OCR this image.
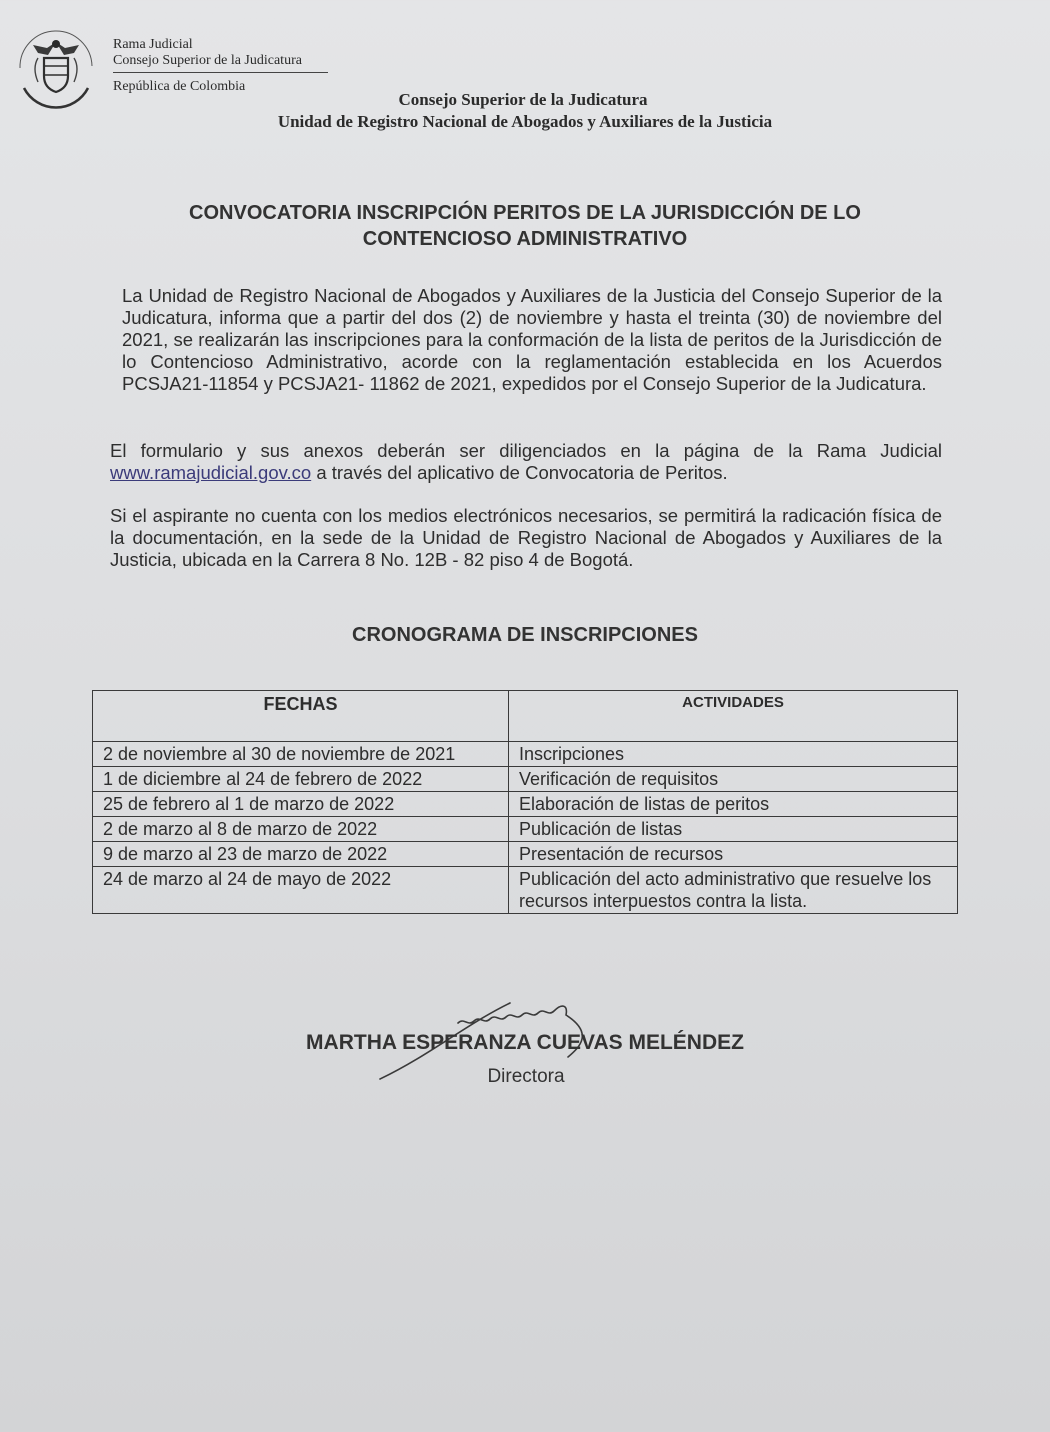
Rama Judicial
Consejo Superior de la Judicatura
República de Colombia
Consejo Superior de la Judicatura
Unidad de Registro Nacional de Abogados y Auxiliares de la Justicia
CONVOCATORIA INSCRIPCIÓN PERITOS DE LA JURISDICCIÓN DE LO
CONTENCIOSO ADMINISTRATIVO
La Unidad de Registro Nacional de Abogados y Auxiliares de la Justicia del Consejo Superior de la Judicatura, informa que a partir del dos (2) de noviembre y hasta el treinta (30) de noviembre del 2021, se realizarán las inscripciones para la conformación de la lista de peritos de la Jurisdicción de lo Contencioso Administrativo, acorde con la reglamentación establecida en los Acuerdos PCSJA21-11854 y PCSJA21- 11862 de 2021, expedidos por el Consejo Superior de la Judicatura.
El formulario y sus anexos deberán ser diligenciados en la página de la Rama Judicial www.ramajudicial.gov.co a través del aplicativo de Convocatoria de Peritos.
Si el aspirante no cuenta con los medios electrónicos necesarios, se permitirá la radicación física de la documentación, en la sede de la Unidad de Registro Nacional de Abogados y Auxiliares de la Justicia, ubicada en la Carrera 8 No. 12B - 82 piso 4 de Bogotá.
CRONOGRAMA DE INSCRIPCIONES
FECHAS	ACTIVIDADES
2 de noviembre al 30 de noviembre de 2021	Inscripciones
1 de diciembre al 24 de febrero de 2022	Verificación de requisitos
25 de febrero al 1 de marzo de 2022	Elaboración de listas de peritos
2 de marzo al 8 de marzo de 2022	Publicación de listas
9 de marzo al 23 de marzo de 2022	Presentación de recursos
24 de marzo al 24 de mayo de 2022	Publicación del acto administrativo que resuelve los recursos interpuestos contra la lista.
MARTHA ESPERANZA CUEVAS MELÉNDEZ
Directora
